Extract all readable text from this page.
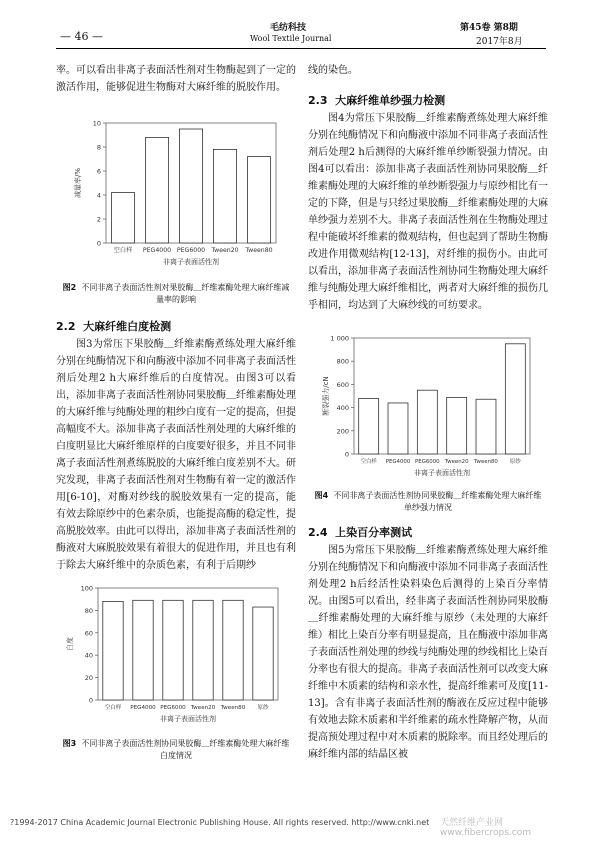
毛纺科技
Wool Textile Journal
— 46 —
第45卷 第8期
2017年8月

率。可以看出非离子表面活性剂对生物酶起到了一定的激活作用，能够促进生物酶对大麻纤维的脱胶作用。

0
2
4
6
8
10
减量率/%
空白样 PEG4000 PEG6000 Tween20 Tween80
非离子表面活性剂
图2 不同非离子表面活性剂对果胶酶＿纤维素酶处理大麻纤维减量率的影响
2.2 大麻纤维白度检测

图3为常压下果胶酶＿纤维素酶煮练处理大麻纤维分别在纯酶情况下和向酶液中添加不同非离子表面活性剂后处理2 h大麻纤维后的白度情况。由图3可以看出，添加非离子表面活性剂协同果胶酶＿纤维素酶处理的大麻纤维与纯酶处理的粗纱白度有一定的提高，但提高幅度不大。添加非离子表面活性剂处理的大麻纤维的白度明显比大麻纤维原样的白度要好很多，并且不同非离子表面活性剂煮练脱胶的大麻纤维白度差别不大。研究发现，非离子表面活性剂对生物酶有着一定的激活作用[6-10]，对酶对纱线的脱胶效果有一定的提高，能有效去除原纱中的色素杂质，也能提高酶的稳定性，提高脱胶效率。由此可以得出，添加非离子表面活性剂的酶液对大麻脱胶效果有着很大的促进作用，并且也有利于除去大麻纤维中的杂质色素，有利于后期纱

0
20
40
60
80
100
白度
空白样 PEG4000 PEG6000 Tween20 Tween80 原纱
非离子表面活性剂
图3 不同非离子表面活性剂协同果胶酶＿纤维素酶处理大麻纤维白度情况

线的染色。

2.3 大麻纤维单纱强力检测

图4为常压下果胶酶＿纤维素酶煮练处理大麻纤维分别在纯酶情况下和向酶液中添加不同非离子表面活性剂后处理2 h后测得的大麻纤维单纱断裂强力情况。由图4可以看出：添加非离子表面活性剂协同果胶酶＿纤维素酶处理的大麻纤维的单纱断裂强力与原纱相比有一定的下降，但是与只经过果胶酶＿纤维素酶处理的大麻单纱强力差别不大。非离子表面活性剂在生物酶处理过程中能破坏纤维素的微观结构，但也起到了帮助生物酶改进作用微观结构[12-13]，对纤维的损伤小。由此可以看出，添加非离子表面活性剂协同生物酶处理大麻纤维与纯酶处理大麻纤维相比，两者对大麻纤维的损伤几乎相同，均达到了大麻纱线的可纺要求。

0
200
400
600
800
1 000
断裂强力/cN
空白样 PEG4000 PEG6000 Tween20 Tween80 原纱
非离子表面活性剂
图4 不同非离子表面活性剂协同果胶酶＿纤维素酶处理大麻纤维单纱强力情况
2.4 上染百分率测试

图5为常压下果胶酶＿纤维素酶煮练处理大麻纤维分别在纯酶情况下和向酶液中添加不同非离子表面活性剂处理2 h后经活性染料染色后测得的上染百分率情况。由图5可以看出，经非离子表面活性剂协同果胶酶＿纤维素酶处理的大麻纤维与原纱（未处理的大麻纤维）相比上染百分率有明显提高，且在酶液中添加非离子表面活性剂处理的纱线与纯酶处理的纱线相比上染百分率也有很大的提高。非离子表面活性剂可以改变大麻纤维中木质素的结构和亲水性，提高纤维素可及度[11-13]。含有非离子表面活性剂的酶液在反应过程中能够有效地去除木质素和半纤维素的疏水性降解产物，从而提高预处理过程中对木质素的脱除率。而且经处理后的麻纤维内部的结晶区被

?1994-2017 China Academic Journal Electronic Publishing House. All rights reserved. http://www.cnki.net 天然纤维产业网 www.fibercrops.com
